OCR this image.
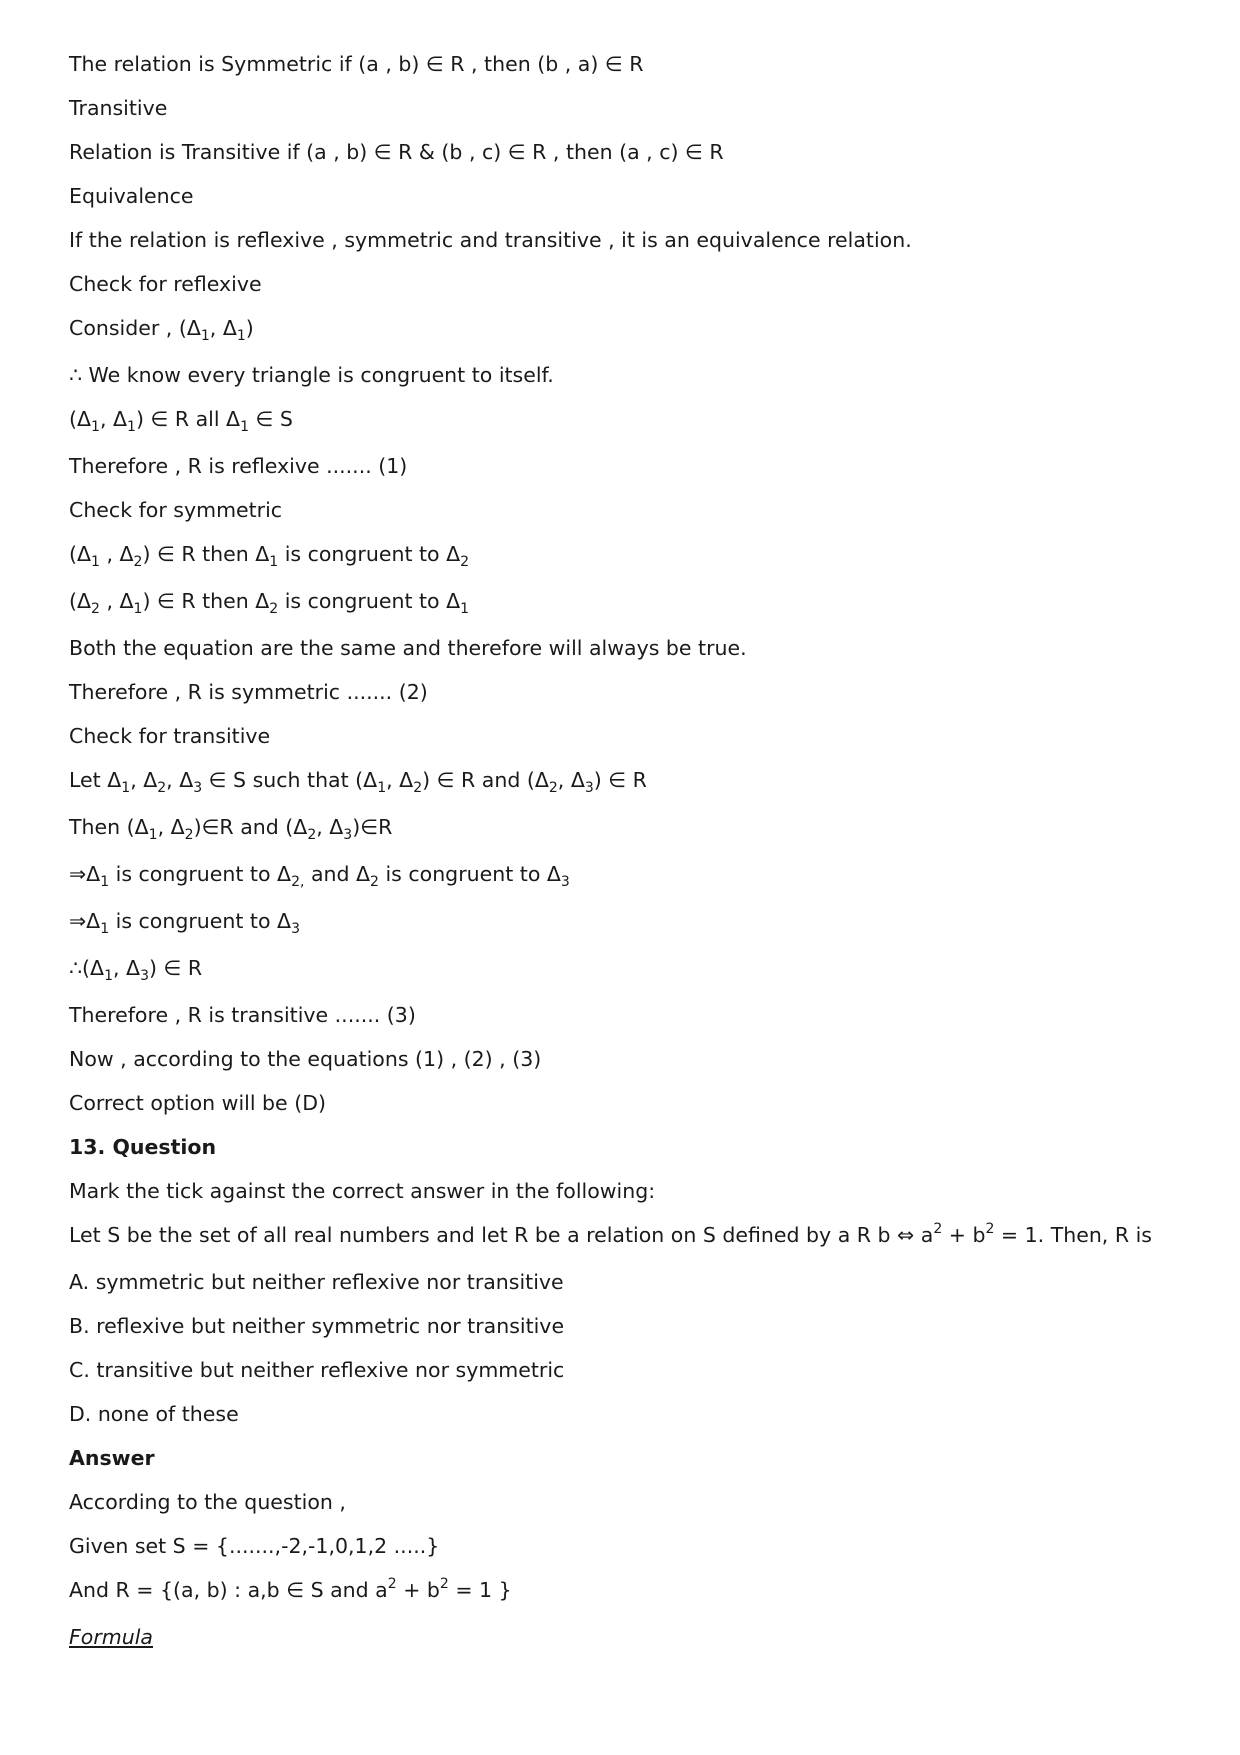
The relation is Symmetric if (a , b) ∈ R , then (b , a) ∈ R
Transitive
Relation is Transitive if (a , b) ∈ R & (b , c) ∈ R , then (a , c) ∈ R
Equivalence
If the relation is reflexive , symmetric and transitive , it is an equivalence relation.
Check for reflexive
Consider , ($\Delta_1$, $\Delta_1$)
∴ We know every triangle is congruent to itself.
($\Delta_1$, $\Delta_1$) ∈ R all $\Delta_1$ ∈ S
Therefore , R is reflexive ....... (1)
Check for symmetric
($\Delta_1$ , $\Delta_2$) ∈ R then $\Delta_1$ is congruent to $\Delta_2$
($\Delta_2$ , $\Delta_1$) ∈ R then $\Delta_2$ is congruent to $\Delta_1$
Both the equation are the same and therefore will always be true.
Therefore , R is symmetric ....... (2)
Check for transitive
Let $\Delta_1$, $\Delta_2$, $\Delta_3$ ∈ S such that ($\Delta_1$, $\Delta_2$) ∈ R and ($\Delta_2$, $\Delta_3$) ∈ R
Then ($\Delta_1$, $\Delta_2)\in R$ and ($\Delta_2$, $\Delta_3)\in R$
$\Rightarrow\Delta_1$ is congruent to $\Delta_{2,}$ and $\Delta_2$ is congruent to $\Delta_3$
$\Rightarrow\Delta_1$ is congruent to $\Delta_3$
$\therefore(\Delta_1$, $\Delta_3$) ∈ R
Therefore , R is transitive ....... (3)
Now , according to the equations (1) , (2) , (3)
Correct option will be (D)
13. Question
Mark the tick against the correct answer in the following:
Let S be the set of all real numbers and let R be a relation on S defined by a R b ⇔ $a^2 + b^2 = 1$. Then, R is
A. symmetric but neither reflexive nor transitive
B. reflexive but neither symmetric nor transitive
C. transitive but neither reflexive nor symmetric
D. none of these
Answer
According to the question ,
Given set S = {.......,-2,-1,0,1,2 .....}
And R = {(a, b) : a,b ∈ S and $a^2 + b^2 = 1$ }
Formula
